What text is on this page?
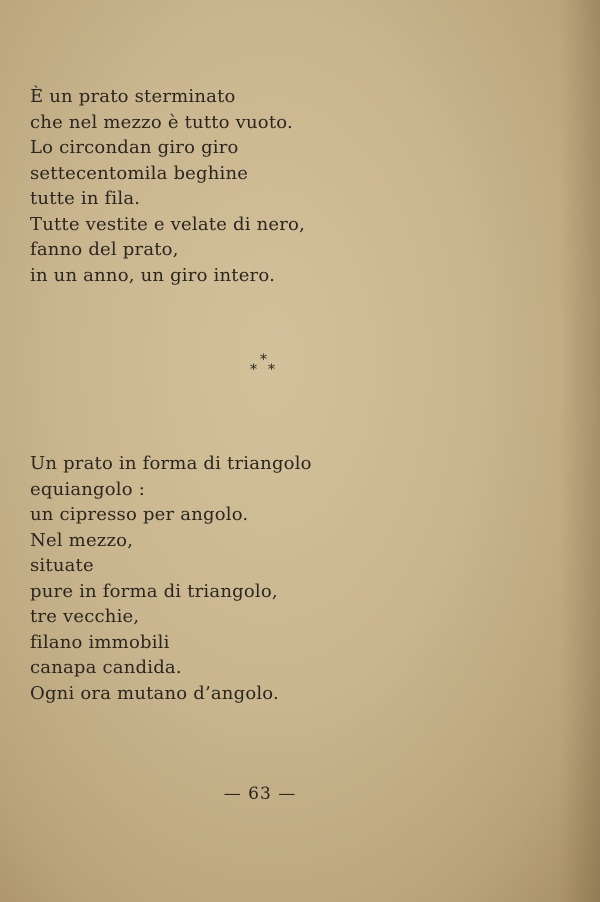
È un prato sterminato
che nel mezzo è tutto vuoto.
Lo circondan giro giro
settecentomila beghine
tutte in fila.
Tutte vestite e velate di nero,
fanno del prato,
in un anno, un giro intero.
*
* *
Un prato in forma di triangolo
equiangolo :
un cipresso per angolo.
Nel mezzo,
situate
pure in forma di triangolo,
tre vecchie,
filano immobili
canapa candida.
Ogni ora mutano d’angolo.
— 63 —
